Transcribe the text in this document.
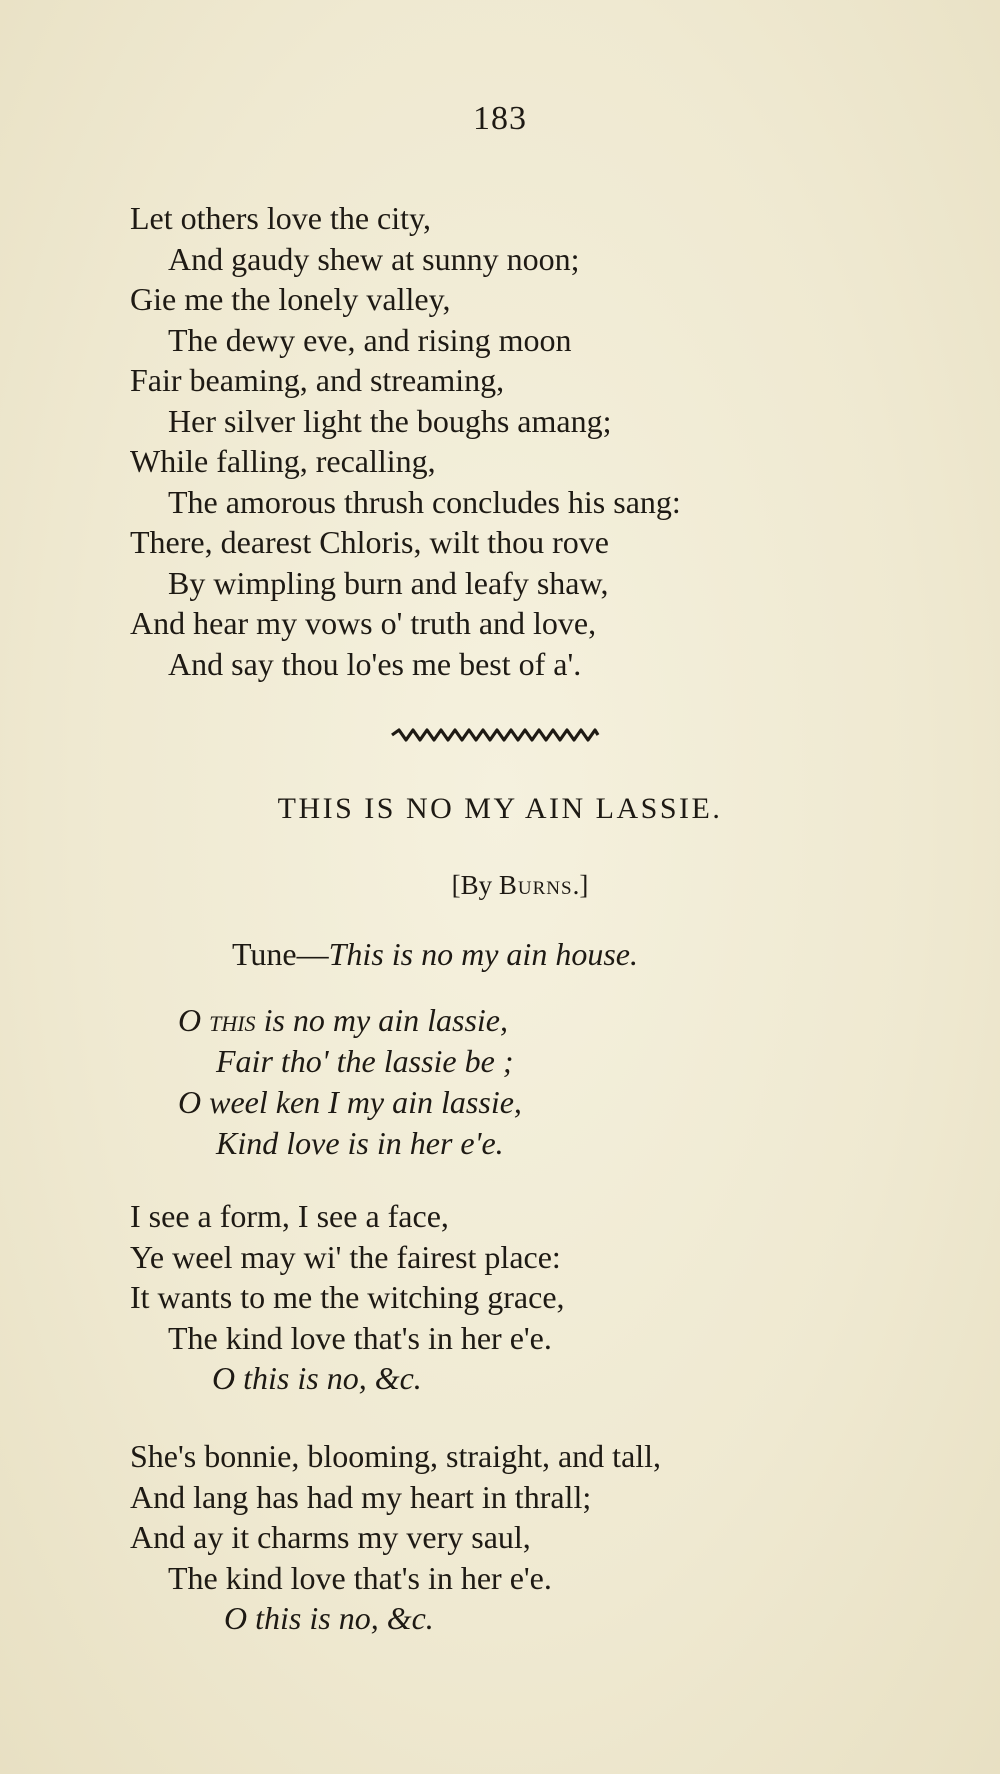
183
Let others love the city,
And gaudy shew at sunny noon;
Gie me the lonely valley,
The dewy eve, and rising moon
Fair beaming, and streaming,
Her silver light the boughs amang;
While falling, recalling,
The amorous thrush concludes his sang:
There, dearest Chloris, wilt thou rove
By wimpling burn and leafy shaw,
And hear my vows o' truth and love,
And say thou lo'es me best of a'.
THIS IS NO MY AIN LASSIE.
[By Burns.]
Tune—This is no my ain house.
O this is no my ain lassie,
Fair tho' the lassie be ;
O weel ken I my ain lassie,
Kind love is in her e'e.
I see a form, I see a face,
Ye weel may wi' the fairest place:
It wants to me the witching grace,
The kind love that's in her e'e.
O this is no, &c.
She's bonnie, blooming, straight, and tall,
And lang has had my heart in thrall;
And ay it charms my very saul,
The kind love that's in her e'e.
O this is no, &c.
